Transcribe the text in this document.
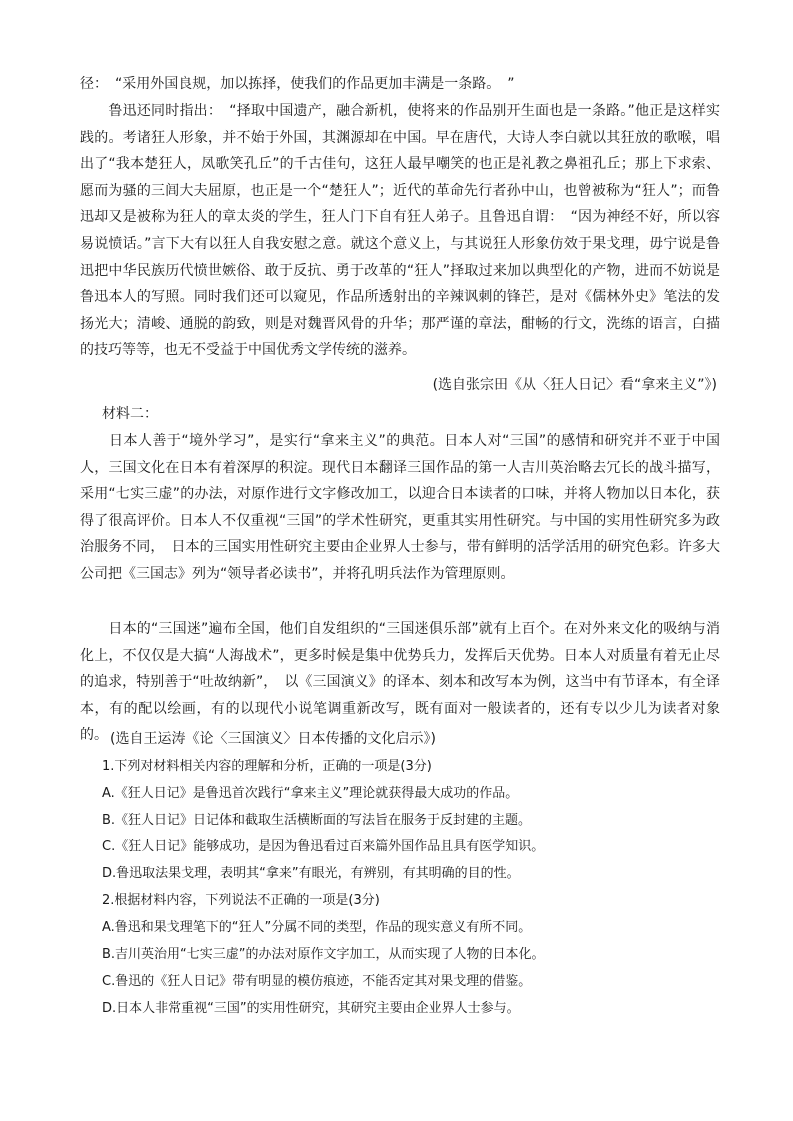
径：　“采用外国良规，加以拣择，使我们的作品更加丰满是一条路。　”

　　鲁迅还同时指出：　“择取中国遗产，融合新机，使将来的作品别开生面也是一条路。”他正是这样实践的。考诸狂人形象，并不始于外国，其渊源却在中国。早在唐代，大诗人李白就以其狂放的歌喉，唱出了“我本楚狂人，凤歌笑孔丘”的千古佳句，这狂人最早嘲笑的也正是礼教之鼻祖孔丘；那上下求索、愿而为骚的三闾大夫屈原，也正是一个“楚狂人”；近代的革命先行者孙中山，也曾被称为“狂人”；而鲁迅却又是被称为狂人的章太炎的学生，狂人门下自有狂人弟子。且鲁迅自谓：　“因为神经不好，所以容易说愤话。”言下大有以狂人自我安慰之意。就这个意义上，与其说狂人形象仿效于果戈理，毋宁说是鲁迅把中华民族历代愤世嫉俗、敢于反抗、勇于改革的“狂人”择取过来加以典型化的产物，进而不妨说是鲁迅本人的写照。同时我们还可以窥见，作品所透射出的辛辣讽刺的锋芒，是对《儒林外史》笔法的发扬光大；清峻、通脱的韵致，则是对魏晋风骨的升华；那严谨的章法，酣畅的行文，洗练的语言，白描的技巧等等，也无不受益于中国优秀文学传统的滋养。

(选自张宗田《从〈狂人日记〉看“拿来主义”》)
材料二：

　　日本人善于“境外学习”，是实行“拿来主义”的典范。日本人对“三国”的感情和研究并不亚于中国人，三国文化在日本有着深厚的积淀。现代日本翻译三国作品的第一人吉川英治略去冗长的战斗描写，采用“七实三虚”的办法，对原作进行文字修改加工，以迎合日本读者的口味，并将人物加以日本化，获得了很高评价。日本人不仅重视“三国”的学术性研究，更重其实用性研究。与中国的实用性研究多为政治服务不同，　日本的三国实用性研究主要由企业界人士参与，带有鲜明的活学活用的研究色彩。许多大公司把《三国志》列为“领导者必读书”，并将孔明兵法作为管理原则。

　　日本的“三国迷”遍布全国，他们自发组织的“三国迷俱乐部”就有上百个。在对外来文化的吸纳与消化上，不仅仅是大搞“人海战术”，更多时候是集中优势兵力，发挥后天优势。日本人对质量有着无止尽的追求，特别善于“吐故纳新”，　以《三国演义》的译本、刻本和改写本为例，这当中有节译本，有全译本，有的配以绘画，有的以现代小说笔调重新改写，既有面对一般读者的，还有专以少儿为读者对象的。 (选自王运涛《论〈三国演义〉日本传播的文化启示》)
1.下列对材料相关内容的理解和分析，正确的一项是(3分)
A.《狂人日记》是鲁迅首次践行“拿来主义”理论就获得最大成功的作品。
B.《狂人日记》日记体和截取生活横断面的写法旨在服务于反封建的主题。
C.《狂人日记》能够成功，是因为鲁迅看过百来篇外国作品且具有医学知识。
D.鲁迅取法果戈理，表明其“拿来”有眼光，有辨别，有其明确的目的性。
2.根据材料内容，下列说法不正确的一项是(3分)
A.鲁迅和果戈理笔下的“狂人”分属不同的类型，作品的现实意义有所不同。
B.吉川英治用“七实三虚”的办法对原作文字加工，从而实现了人物的日本化。
C.鲁迅的《狂人日记》带有明显的模仿痕迹，不能否定其对果戈理的借鉴。
D.日本人非常重视“三国”的实用性研究，其研究主要由企业界人士参与。
